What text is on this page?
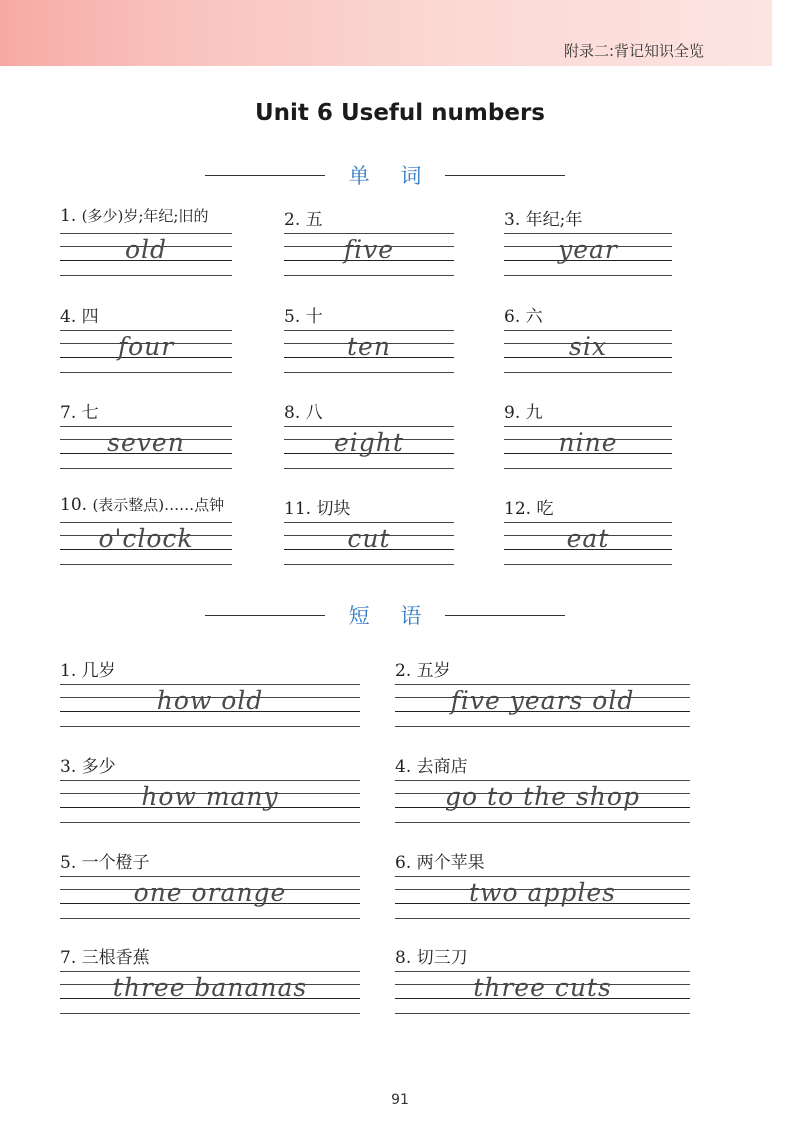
附录二:背记知识全览
Unit 6 Useful numbers
单 词
1. (多少)岁;年纪;旧的
old
2. 五
five
3. 年纪;年
year
4. 四
four
5. 十
ten
6. 六
six
7. 七
seven
8. 八
eight
9. 九
nine
10. (表示整点)……点钟
o'clock
11. 切块
cut
12. 吃
eat
短 语
1. 几岁
how old
2. 五岁
five years old
3. 多少
how many
4. 去商店
go to the shop
5. 一个橙子
one orange
6. 两个苹果
two apples
7. 三根香蕉
three bananas
8. 切三刀
three cuts
91
